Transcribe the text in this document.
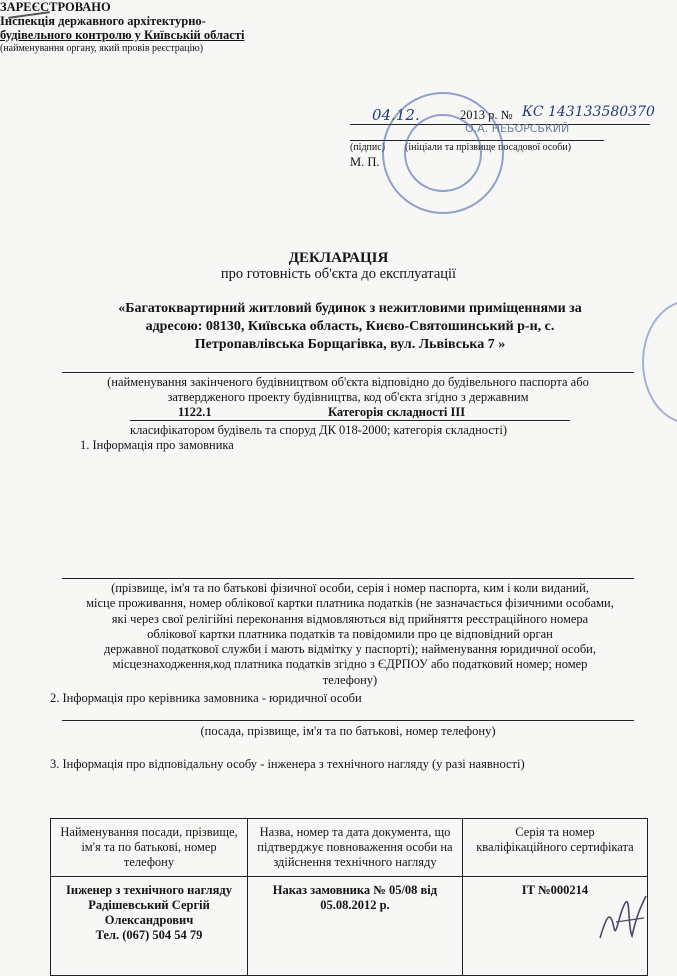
ЗАРЕЄСТРОВАНО
Інспекція державного архітектурно-
будівельного контролю у Київській області
(найменування органу, який провів реєстрацію)
04.12.	2013 р. № КС 143133580370
О.А. НЕБОРСЬКИЙ
(підпис)        (ініціали та прізвище посадової особи)
М. П.
ДЕКЛАРАЦІЯ
про готовність об'єкта до експлуатації
«Багатоквартирний житловий будинок з нежитловими приміщеннями за
адресою: 08130, Київська область, Києво-Святошинський р-н, с.
Петропавлівська Борщагівка, вул. Львівська 7 »
(найменування закінченого будівництвом об'єкта відповідно до будівельного паспорта або
затвердженого проекту будівництва, код об'єкта згідно з державним
1122.1	Категорія складності ІІІ
класифікатором будівель та споруд ДК 018-2000; категорія складності)
1. Інформація про замовника
(прізвище, ім'я та по батькові фізичної особи, серія і номер паспорта, ким і коли виданий,
місце проживання, номер облікової картки платника податків (не зазначається фізичними особами,
які через свої релігійні переконання відмовляються від прийняття реєстраційного номера
облікової картки платника податків та повідомили про це відповідний орган
державної податкової служби і мають відмітку у паспорті); найменування юридичної особи,
місцезнаходження,код платника податків згідно з ЄДРПОУ або податковий номер; номер
телефону)
2. Інформація про керівника замовника - юридичної особи
(посада, прізвище, ім'я та по батькові, номер телефону)
3. Інформація про відповідальну особу - інженера з технічного нагляду (у разі наявності)
Найменування посади, прізвище, ім'я та по батькові, номер телефону	Назва, номер та дата документа, що підтверджує повноваження особи на здійснення технічного нагляду	Серія та номер кваліфікаційного сертифіката

Інженер з технічного нагляду
Радішевський Сергій
Олександрович
Тел. (067) 504 54 79	Наказ замовника № 05/08 від 05.08.2012 р.	ІТ №000214
